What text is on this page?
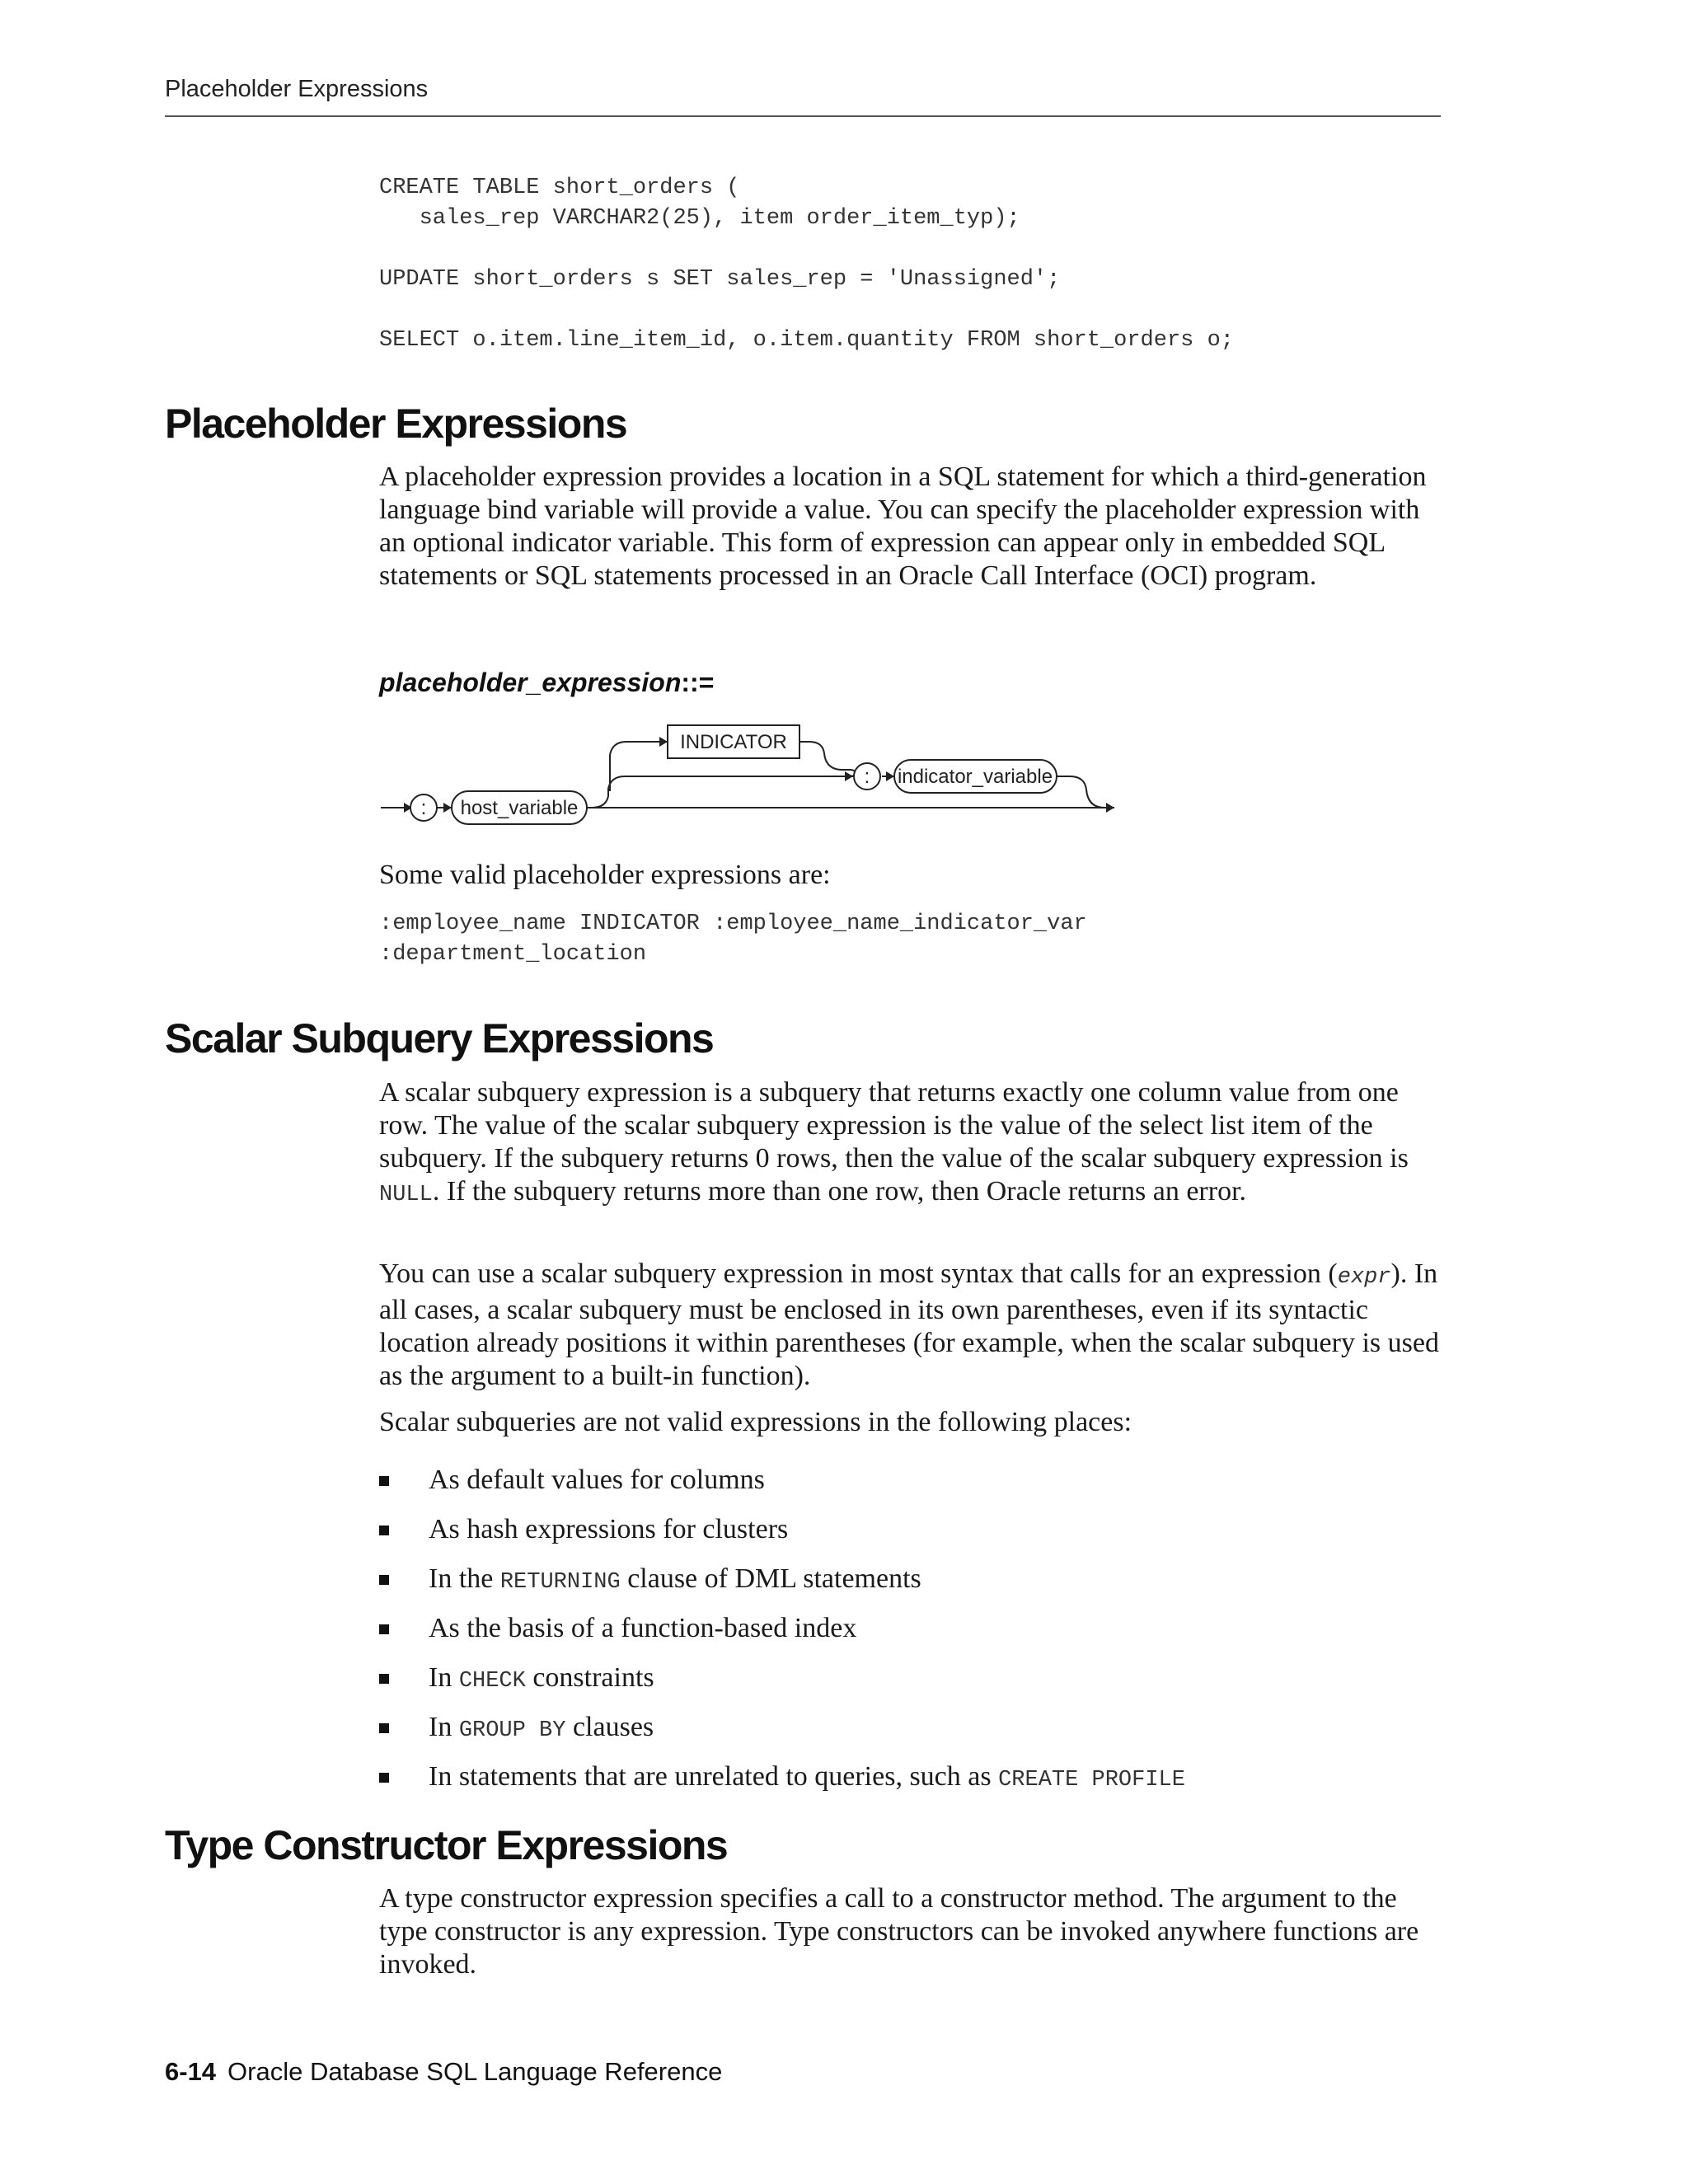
Placeholder Expressions
CREATE TABLE short_orders (
sales_rep VARCHAR2(25), item order_item_typ);

UPDATE short_orders s SET sales_rep = 'Unassigned';

SELECT o.item.line_item_id, o.item.quantity FROM short_orders o;
Placeholder Expressions

A placeholder expression provides a location in a SQL statement for which a third-generation language bind variable will provide a value. You can specify the placeholder expression with an optional indicator variable. This form of expression can appear only in embedded SQL statements or SQL statements processed in an Oracle Call Interface (OCI) program.

placeholder_expression::=

: host_variable
INDICATOR
: indicator_variable

Some valid placeholder expressions are:

:employee_name INDICATOR :employee_name_indicator_var
:department_location
Scalar Subquery Expressions

A scalar subquery expression is a subquery that returns exactly one column value from one row. The value of the scalar subquery expression is the value of the select list item of the subquery. If the subquery returns 0 rows, then the value of the scalar subquery expression is NULL. If the subquery returns more than one row, then Oracle returns an error.

You can use a scalar subquery expression in most syntax that calls for an expression (expr). In all cases, a scalar subquery must be enclosed in its own parentheses, even if its syntactic location already positions it within parentheses (for example, when the scalar subquery is used as the argument to a built-in function).

Scalar subqueries are not valid expressions in the following places:

As default values for columns
As hash expressions for clusters
In the RETURNING clause of DML statements
As the basis of a function-based index
In CHECK constraints
In GROUP BY clauses
In statements that are unrelated to queries, such as CREATE PROFILE
Type Constructor Expressions

A type constructor expression specifies a call to a constructor method. The argument to the type constructor is any expression. Type constructors can be invoked anywhere functions are invoked.

6-14 Oracle Database SQL Language Reference
